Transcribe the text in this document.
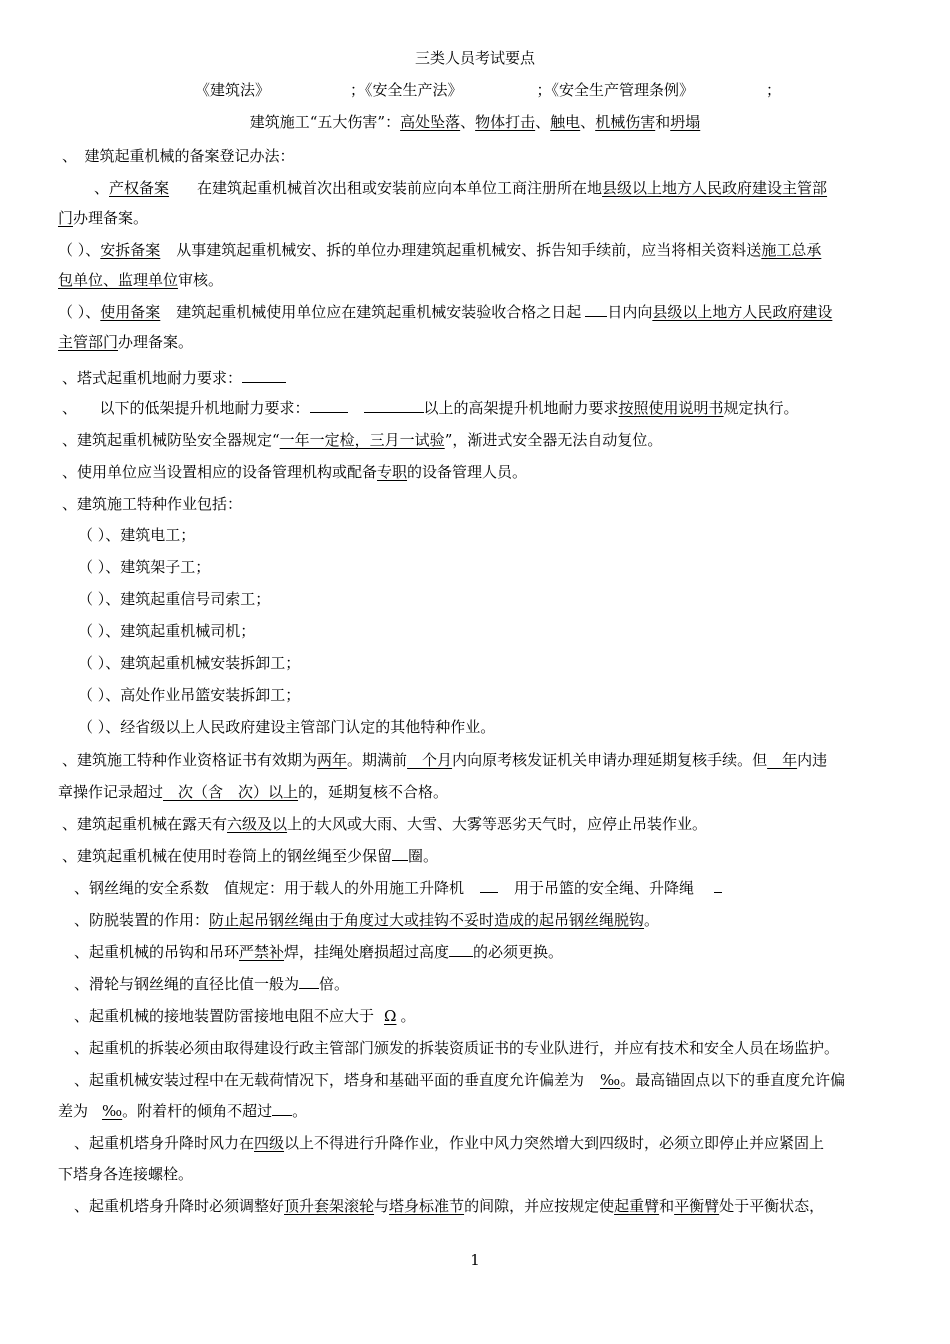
三类人员考试要点
《建筑法》	；《安全生产法》	；《安全生产管理条例》	；
建筑施工“五大伤害”：高处坠落、物体打击、触电、机械伤害和坍塌
、　建筑起重机械的备案登记办法：
、产权备案 在建筑起重机械首次出租或安装前应向本单位工商注册所在地县级以上地方人民政府建设主管部
门办理备案。
（ ）、安拆备案 从事建筑起重机械安、拆的单位办理建筑起重机械安、拆告知手续前，应当将相关资料送施工总承
包单位、监理单位审核。
（ ）、使用备案 建筑起重机械使用单位应在建筑起重机械安装验收合格之日起 日内向县级以上地方人民政府建设
主管部门办理备案。
、塔式起重机地耐力要求：
、　　以下的低架提升机地耐力要求：	以上的高架提升机地耐力要求按照使用说明书规定执行。
、建筑起重机械防坠安全器规定“一年一定检，三月一试验”，渐进式安全器无法自动复位。
、使用单位应当设置相应的设备管理机构或配备专职的设备管理人员。
、建筑施工特种作业包括：
（ ）、建筑电工；
（ ）、建筑架子工；
（ ）、建筑起重信号司索工；
（ ）、建筑起重机械司机；
（ ）、建筑起重机械安装拆卸工；
（ ）、高处作业吊篮安装拆卸工；
（ ）、经省级以上人民政府建设主管部门认定的其他特种作业。
、建筑施工特种作业资格证书有效期为两年。期满前　个月内向原考核发证机关申请办理延期复核手续。但　年内违
章操作记录超过　次（含　次）以上的，延期复核不合格。
、建筑起重机械在露天有六级及以上的大风或大雨、大雪、大雾等恶劣天气时，应停止吊装作业。
、建筑起重机械在使用时卷筒上的钢丝绳至少保留 圈。
、钢丝绳的安全系数　值规定：用于载人的外用施工升降机	用于吊篮的安全绳、升降绳
、防脱装置的作用：防止起吊钢丝绳由于角度过大或挂钩不妥时造成的起吊钢丝绳脱钩。
、起重机械的吊钩和吊环严禁补焊，挂绳处磨损超过高度 的必须更换。
、滑轮与钢丝绳的直径比值一般为 倍。
、起重机械的接地装置防雷接地电阻不应大于 Ω 。
、起重机的拆装必须由取得建设行政主管部门颁发的拆装资质证书的专业队进行，并应有技术和安全人员在场监护。
、起重机械安装过程中在无载荷情况下，塔身和基础平面的垂直度允许偏差为 ‰。最高锚固点以下的垂直度允许偏
差为 ‰。附着杆的倾角不超过 。
、起重机塔身升降时风力在四级以上不得进行升降作业，作业中风力突然增大到四级时，必须立即停止并应紧固上
下塔身各连接螺栓。
、起重机塔身升降时必须调整好顶升套架滚轮与塔身标准节的间隙，并应按规定使起重臂和平衡臂处于平衡状态，
1
